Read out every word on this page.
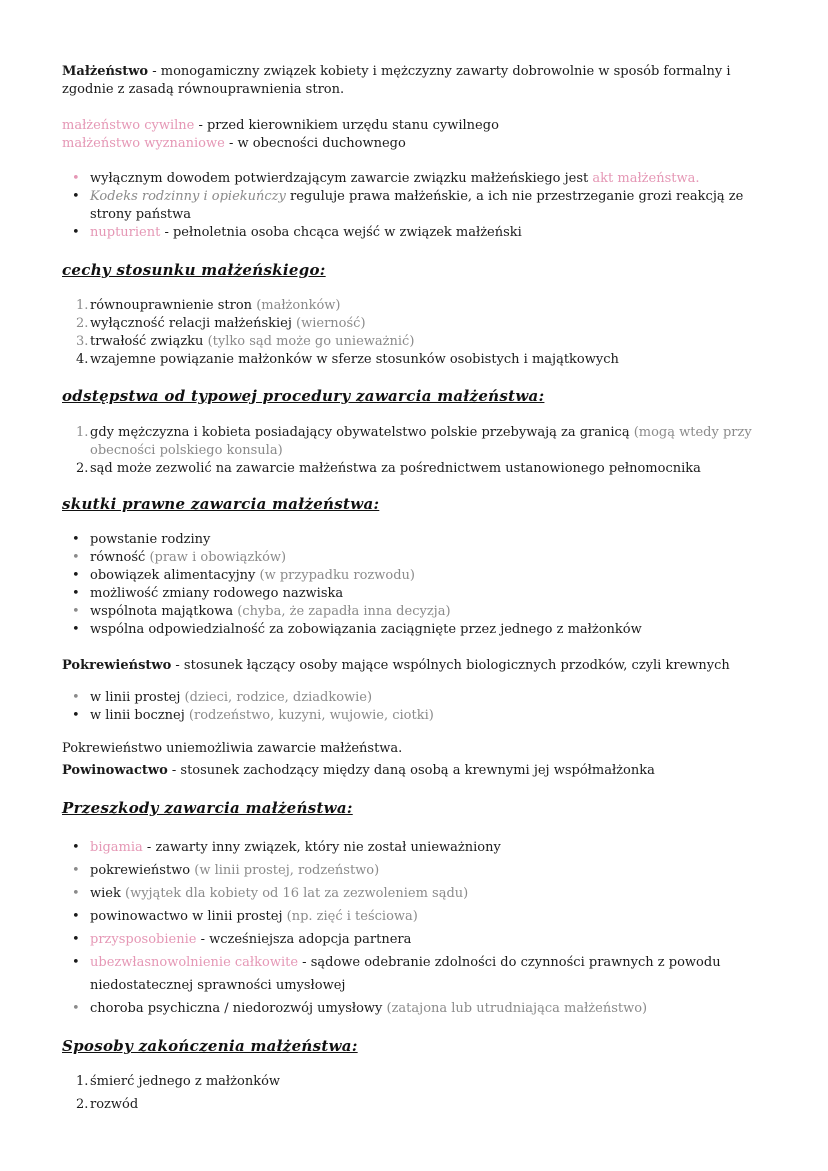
Małżeństwo - monogamiczny związek kobiety i mężczyzny zawarty dobrowolnie w sposób formalny i zgodnie z zasadą równouprawnienia stron.
małżeństwo cywilne - przed kierownikiem urzędu stanu cywilnego
małżeństwo wyznaniowe - w obecności duchownego
• wyłącznym dowodem potwierdzającym zawarcie związku małżeńskiego jest akt małżeństwa.
• Kodeks rodzinny i opiekuńczy reguluje prawa małżeńskie, a ich nie przestrzeganie grozi reakcją ze strony państwa
• nupturient - pełnoletnia osoba chcąca wejść w związek małżeński
cechy stosunku małżeńskiego:
1. równouprawnienie stron (małżonków)
2. wyłączność relacji małżeńskiej (wierność)
3. trwałość związku (tylko sąd może go unieważnić)
4. wzajemne powiązanie małżonków w sferze stosunków osobistych i majątkowych
odstępstwa od typowej procedury zawarcia małżeństwa:
1. gdy mężczyzna i kobieta posiadający obywatelstwo polskie przebywają za granicą (mogą wtedy przy obecności polskiego konsula)
2. sąd może zezwolić na zawarcie małżeństwa za pośrednictwem ustanowionego pełnomocnika
skutki prawne zawarcia małżeństwa:
• powstanie rodziny
• równość (praw i obowiązków)
• obowiązek alimentacyjny (w przypadku rozwodu)
• możliwość zmiany rodowego nazwiska
• wspólnota majątkowa (chyba, że zapadła inna decyzja)
• wspólna odpowiedzialność za zobowiązania zaciągnięte przez jednego z małżonków
Pokrewieństwo - stosunek łączący osoby mające wspólnych biologicznych przodków, czyli krewnych
• w linii prostej (dzieci, rodzice, dziadkowie)
• w linii bocznej (rodzeństwo, kuzyni, wujowie, ciotki)
Pokrewieństwo uniemożliwia zawarcie małżeństwa.
Powinowactwo - stosunek zachodzący między daną osobą a krewnymi jej współmałżonka
Przeszkody zawarcia małżeństwa:
• bigamia - zawarty inny związek, który nie został unieważniony
• pokrewieństwo (w linii prostej, rodzeństwo)
• wiek (wyjątek dla kobiety od 16 lat za zezwoleniem sądu)
• powinowactwo w linii prostej (np. zięć i teściowa)
• przysposobienie - wcześniejsza adopcja partnera
• ubezwłasnowolnienie całkowite - sądowe odebranie zdolności do czynności prawnych z powodu niedostatecznej sprawności umysłowej
• choroba psychiczna / niedorozwój umysłowy (zatajona lub utrudniająca małżeństwo)
Sposoby zakończenia małżeństwa:
1. śmierć jednego z małżonków
2. rozwód
